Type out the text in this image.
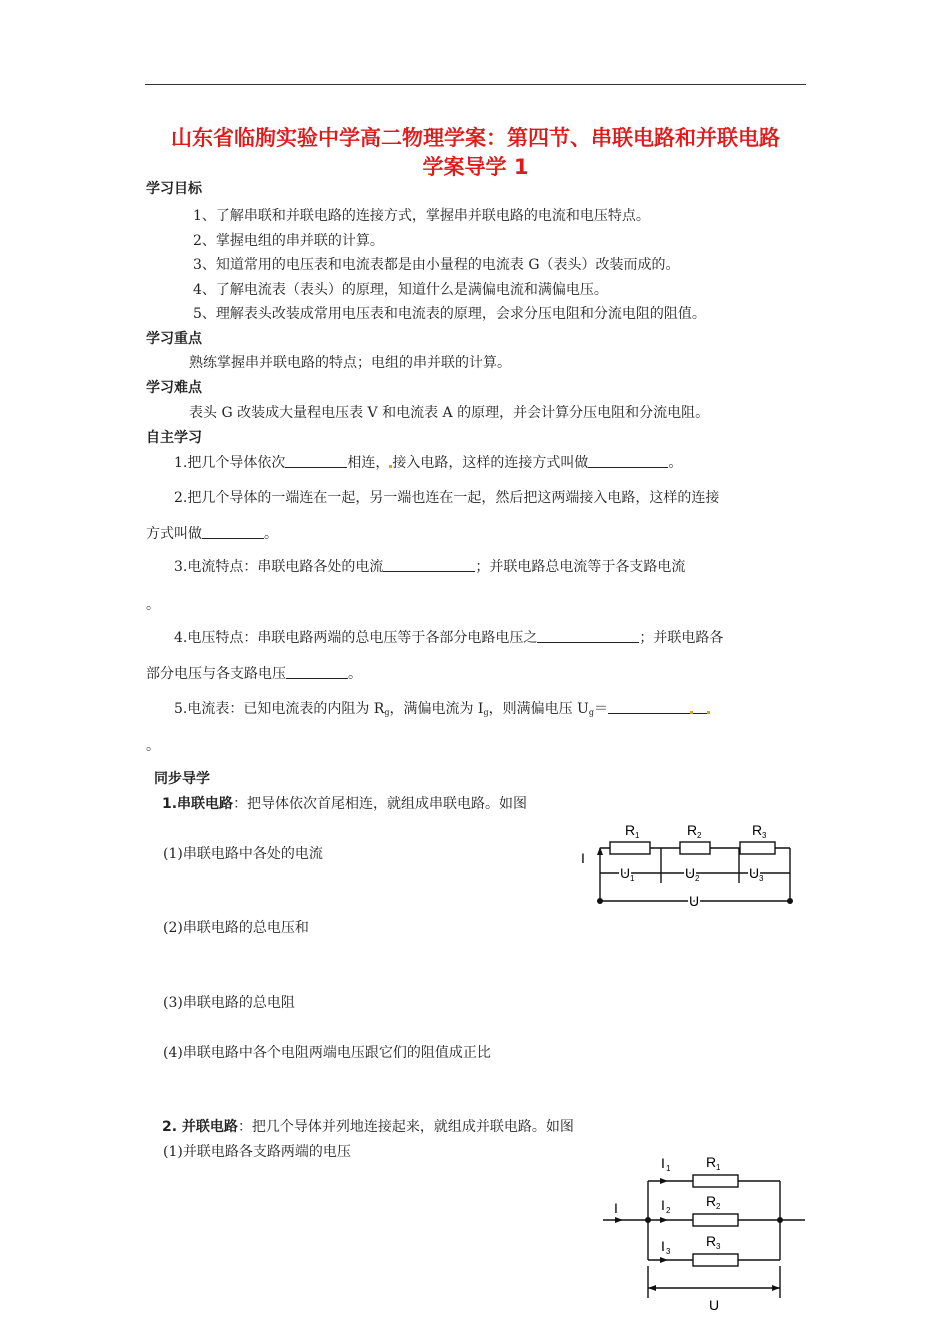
山东省临朐实验中学高二物理学案：第四节、串联电路和并联电路
学案导学 1
学习目标
1、了解串联和并联电路的连接方式，掌握串并联电路的电流和电压特点。
2、掌握电组的串并联的计算。
3、知道常用的电压表和电流表都是由小量程的电流表 G（表头）改装而成的。
4、了解电流表（表头）的原理，知道什么是满偏电流和满偏电压。
5、理解表头改装成常用电压表和电流表的原理，会求分压电阻和分流电阻的阻值。
学习重点
熟练掌握串并联电路的特点；电组的串并联的计算。
学习难点
表头 G 改装成大量程电压表 V 和电流表 A 的原理，并会计算分压电阻和分流电阻。
自主学习
1.把几个导体依次	相连， 接入电路，这样的连接方式叫做	。
2.把几个导体的一端连在一起，另一端也连在一起，然后把这两端接入电路，这样的连接
方式叫做	。
3.电流特点：串联电路各处的电流	；并联电路总电流等于各支路电流
。
4.电压特点：串联电路两端的总电压等于各部分电路电压之	；并联电路各
部分电压与各支路电压	。
5.电流表：已知电流表的内阻为 $R_g$，满偏电流为 $I_g$，则满偏电压 $U_g=$
。
同步导学
1.串联电路：把导体依次首尾相连，就组成串联电路。如图
(1)串联电路中各处的电流
(2)串联电路的总电压和
(3)串联电路的总电阻
(4)串联电路中各个电阻两端电压跟它们的阻值成正比
2. 并联电路：把几个导体并列地连接起来，就组成并联电路。如图
(1)并联电路各支路两端的电压
I
R 1	R 2	R 3
U 1	U 2	U 3
U
I
I 1
I 2
I 3
R 1
R 2
R 3
U
